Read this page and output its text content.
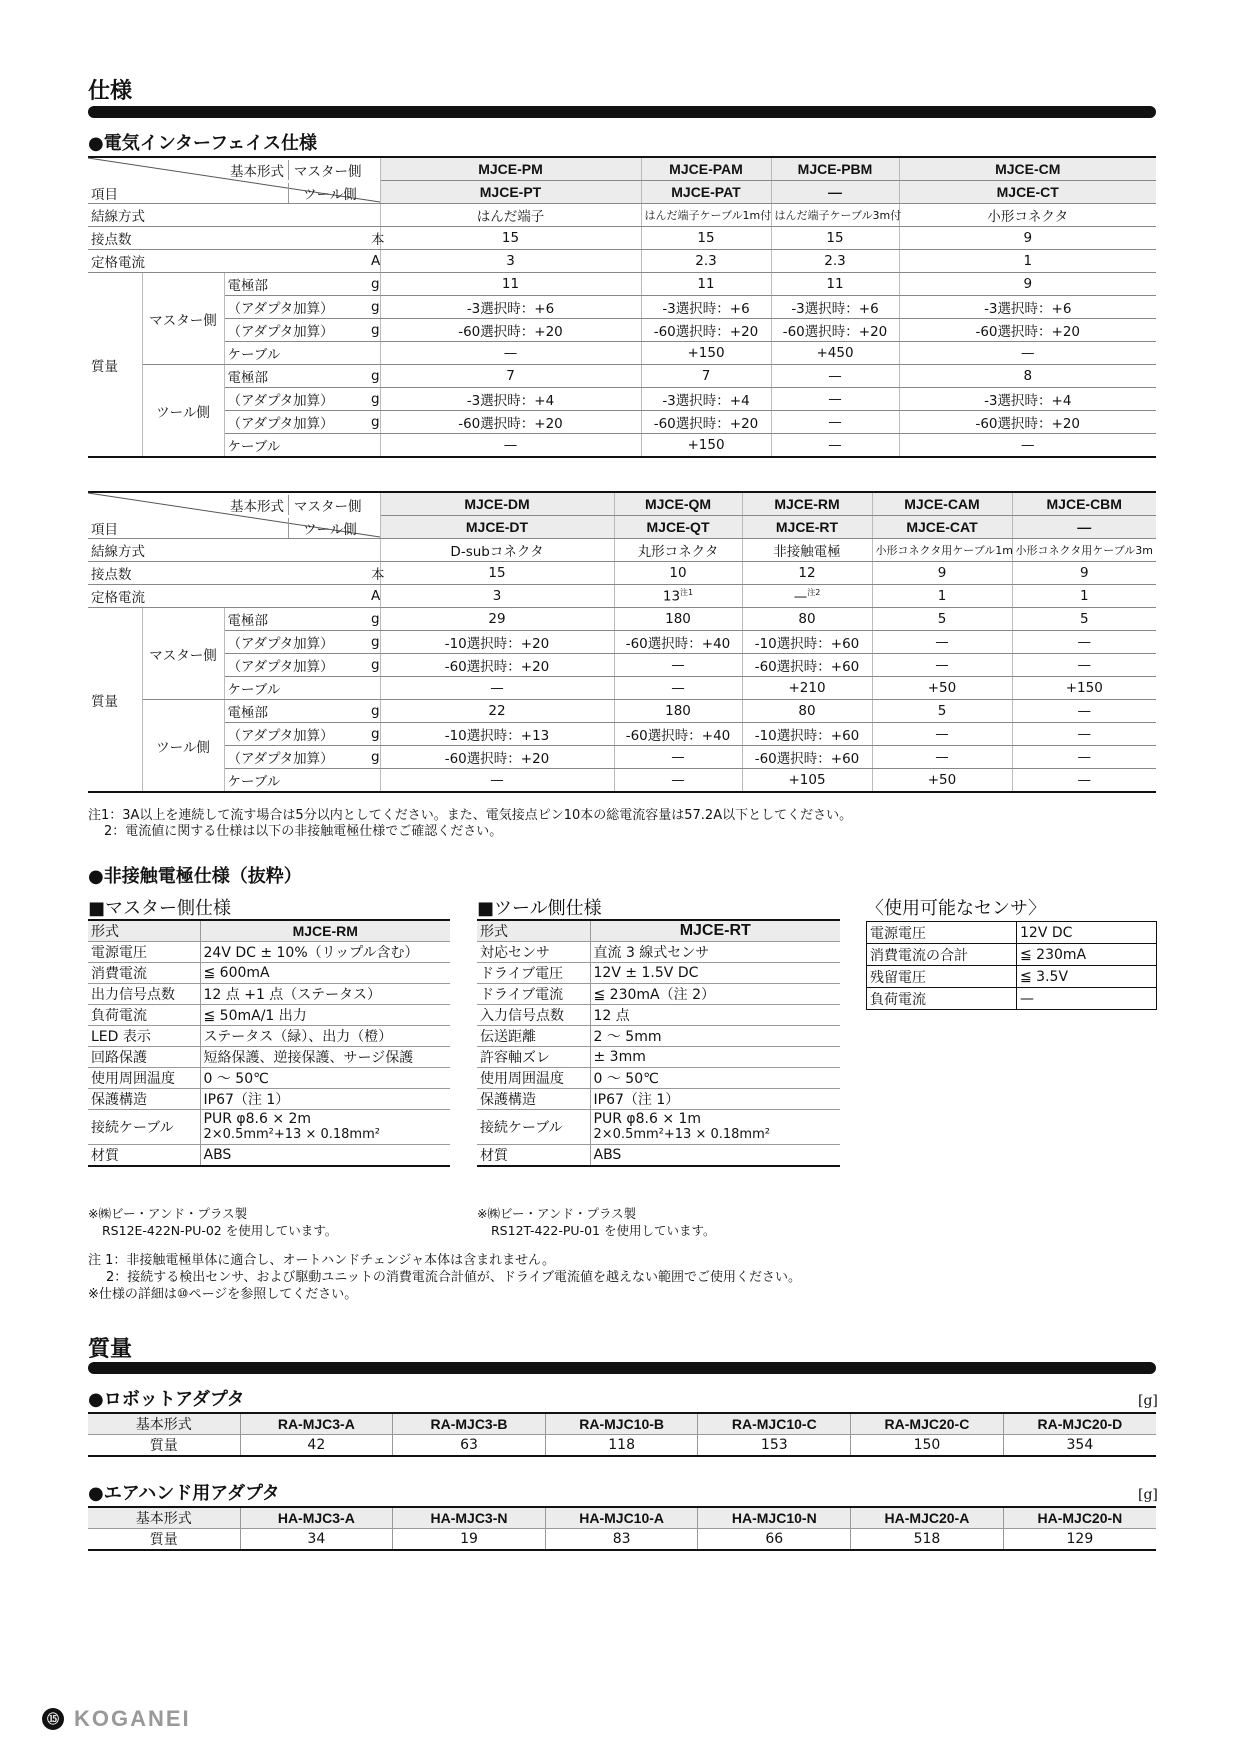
仕様
●電気インターフェイス仕様
基本形式 マスター側
ツール側
項目				MJCE-PM	MJCE-PAM	MJCE-PBM	MJCE-CM
				MJCE-PT	MJCE-PAT	—	MJCE-CT
結線方式				はんだ端子	はんだ端子ケーブル1m付	はんだ端子ケーブル3m付	小形コネクタ
接点数			本	15	15	15	9
定格電流			A	3	2.3	2.3	1
質量	マスター側	電極部	g	11	11	11	9
		（アダプタ加算）	g	-3選択時：+6	-3選択時：+6	-3選択時：+6	-3選択時：+6
		（アダプタ加算）	g	-60選択時：+20	-60選択時：+20	-60選択時：+20	-60選択時：+20
		ケーブル		—	+150	+450	—
	ツール側	電極部	g	7	7	—	8
		（アダプタ加算）	g	-3選択時：+4	-3選択時：+4	—	-3選択時：+4
		（アダプタ加算）	g	-60選択時：+20	-60選択時：+20	—	-60選択時：+20
		ケーブル		—	+150	—	—
基本形式 マスター側
ツール側
項目				MJCE-DM	MJCE-QM	MJCE-RM	MJCE-CAM	MJCE-CBM
				MJCE-DT	MJCE-QT	MJCE-RT	MJCE-CAT	—
結線方式				D-subコネクタ	丸形コネクタ	非接触電極	小形コネクタ用ケーブル1m	小形コネクタ用ケーブル3m
接点数			本	15	10	12	9	9
定格電流			A	3	13$^{注1}$	—$^{注2}$	1	1
質量	マスター側	電極部	g	29	180	80	5	5
		（アダプタ加算）	g	-10選択時：+20	-60選択時：+40	-10選択時：+60	—	—
		（アダプタ加算）	g	-60選択時：+20	—	-60選択時：+60	—	—
		ケーブル		—	—	+210	+50	+150
	ツール側	電極部	g	22	180	80	5	—
		（アダプタ加算）	g	-10選択時：+13	-60選択時：+40	-10選択時：+60	—	—
		（アダプタ加算）	g	-60選択時：+20	—	-60選択時：+60	—	—
		ケーブル		—	—	+105	+50	—
注1：3A以上を連続して流す場合は5分以内としてください。また、電気接点ピン10本の総電流容量は57.2A以下としてください。
2：電流値に関する仕様は以下の非接触電極仕様でご確認ください。
●非接触電極仕様（抜粋）
■マスター側仕様
形式	MJCE-RM
電源電圧	24V DC ± 10%（リップル含む）
消費電流	≦ 600mA
出力信号点数	12 点 +1 点（ステータス）
負荷電流	≦ 50mA/1 出力
LED 表示	ステータス（緑）、出力（橙）
回路保護	短絡保護、逆接保護、サージ保護
使用周囲温度	0 ～ 50℃
保護構造	IP67（注 1）
接続ケーブル	PUR φ8.6 × 2m
2×0.5mm²+13 × 0.18mm²

材質	ABS
※㈱ビー・アンド・プラス製
RS12E-422N-PU-02 を使用しています。
■ツール側仕様
形式	MJCE-RT
対応センサ	直流 3 線式センサ
ドライブ電圧	12V ± 1.5V DC
ドライブ電流	≦ 230mA（注 2）
入力信号点数	12 点
伝送距離	2 ～ 5mm
許容軸ズレ	± 3mm
使用周囲温度	0 ～ 50℃
保護構造	IP67（注 1）
接続ケーブル	PUR φ8.6 × 1m
2×0.5mm²+13 × 0.18mm²

材質	ABS
※㈱ビー・アンド・プラス製
RS12T-422-PU-01 を使用しています。
〈使用可能なセンサ〉
電源電圧	12V DC
消費電流の合計	≦ 230mA
残留電圧	≦ 3.5V
負荷電流	—
注 1：非接触電極単体に適合し、オートハンドチェンジャ本体は含まれません。
2：接続する検出センサ、および駆動ユニットの消費電流合計値が、ドライブ電流値を越えない範囲でご使用ください。
※仕様の詳細は⑩ページを参照してください。
質量
●ロボットアダプタ	[g]
基本形式	RA-MJC3-A	RA-MJC3-B	RA-MJC10-B	RA-MJC10-C	RA-MJC20-C	RA-MJC20-D
質量	42	63	118	153	150	354
●エアハンド用アダプタ	[g]
基本形式	HA-MJC3-A	HA-MJC3-N	HA-MJC10-A	HA-MJC10-N	HA-MJC20-A	HA-MJC20-N
質量	34	19	83	66	518	129
⑮ KOGANEI
